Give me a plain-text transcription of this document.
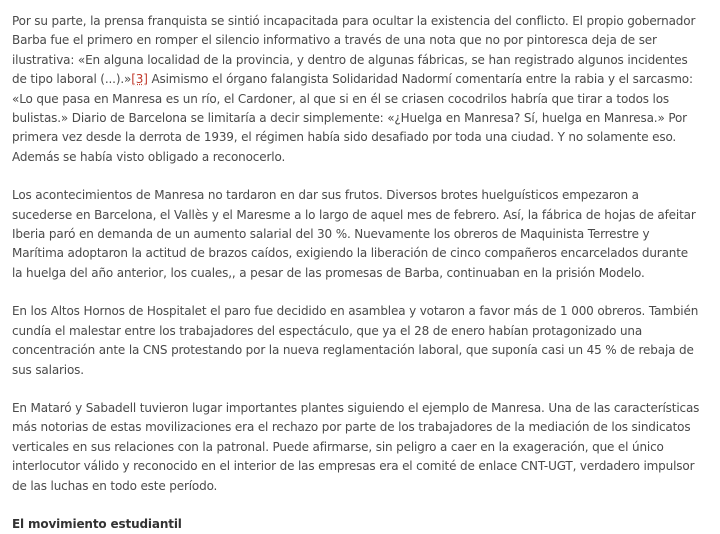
Por su parte, la prensa franquista se sintió incapacitada para ocultar la existencia del conflicto. El propio gobernador Barba fue el primero en romper el silencio informativo a través de una nota que no por pintoresca deja de ser ilustrativa: «En alguna localidad de la provincia, y dentro de algunas fábricas, se han registrado algunos incidentes de tipo laboral (...).»[3] Asimismo el órgano falangista Solidaridad Nadormí comentaría entre la rabia y el sarcasmo: «Lo que pasa en Manresa es un río, el Cardoner, al que si en él se criasen cocodrilos habría que tirar a todos los bulistas.» Diario de Barcelona se limitaría a decir simplemente: «¿Huelga en Manresa? Sí, huelga en Manresa.» Por primera vez desde la derrota de 1939, el régimen había sido desafiado por toda una ciudad. Y no solamente eso. Además se había visto obligado a reconocerlo.

Los acontecimientos de Manresa no tardaron en dar sus frutos. Diversos brotes huelguísticos empezaron a sucederse en Barcelona, el Vallès y el Maresme a lo largo de aquel mes de febrero. Así, la fábrica de hojas de afeitar Iberia paró en demanda de un aumento salarial del 30 %. Nuevamente los obreros de Maquinista Terrestre y Marítima adoptaron la actitud de brazos caídos, exigiendo la liberación de cinco compañeros encarcelados durante la huelga del año anterior, los cuales,, a pesar de las promesas de Barba, continuaban en la prisión Modelo.

En los Altos Hornos de Hospitalet el paro fue decidido en asamblea y votaron a favor más de 1 000 obreros. También cundía el malestar entre los trabajadores del espectáculo, que ya el 28 de enero habían protagonizado una concentración ante la CNS protestando por la nueva reglamentación laboral, que suponía casi un 45 % de rebaja de sus salarios.

En Mataró y Sabadell tuvieron lugar importantes plantes siguiendo el ejemplo de Manresa. Una de las características más notorias de estas movilizaciones era el rechazo por parte de los trabajadores de la mediación de los sindicatos verticales en sus relaciones con la patronal. Puede afirmarse, sin peligro a caer en la exageración, que el único interlocutor válido y reconocido en el interior de las empresas era el comité de enlace CNT-UGT, verdadero impulsor de las luchas en todo este período.

El movimiento estudiantil
